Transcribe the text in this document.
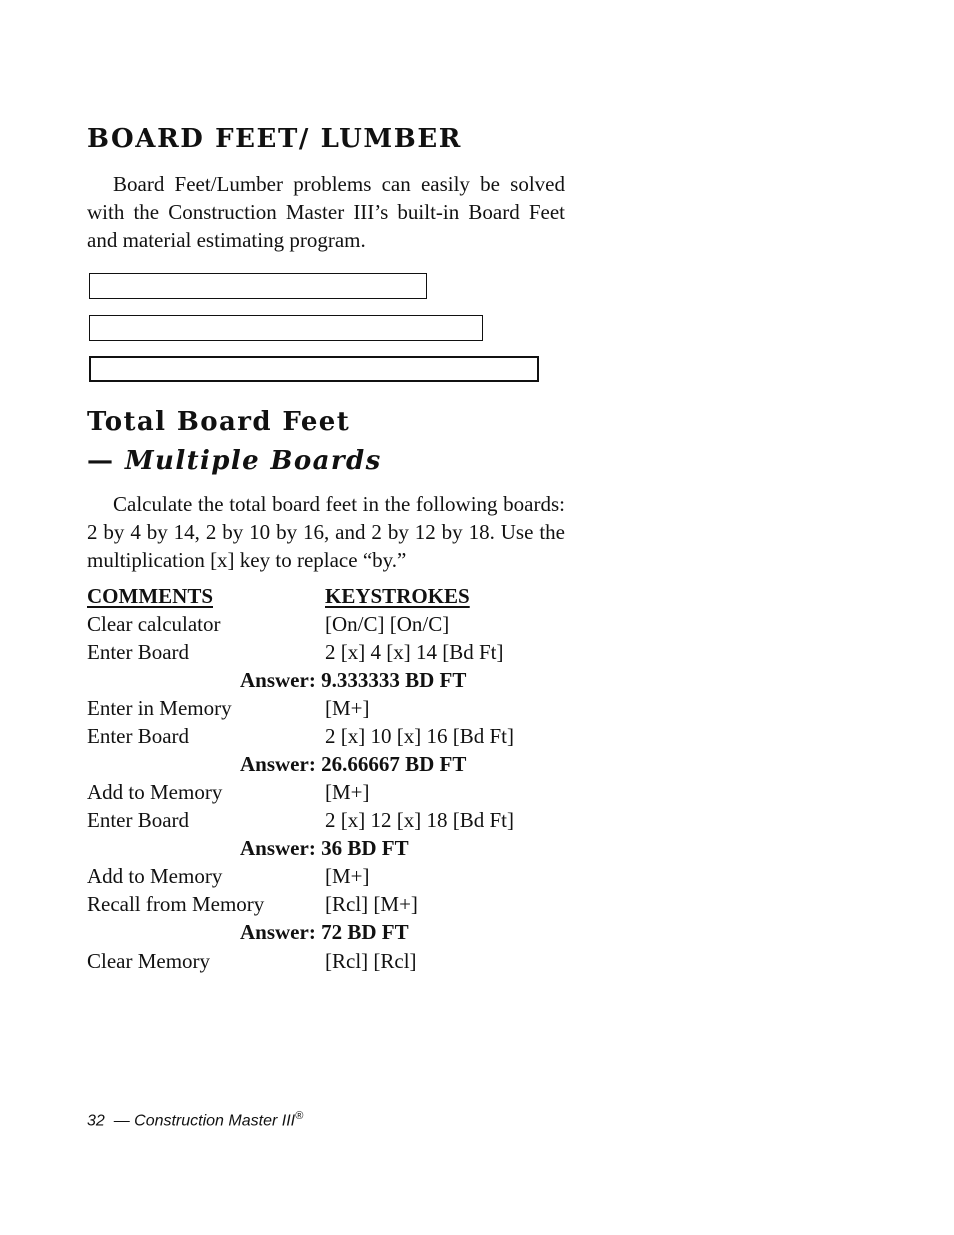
BOARD FEET/ LUMBER

Board Feet/Lumber problems can easily be solved with the Construction Master III’s built-in Board Feet and material estimating program.

Total Board Feet
— Multiple Boards

Calculate the total board feet in the following boards: 2 by 4 by 14, 2 by 10 by 16, and 2 by 12 by 18. Use the multiplication [x] key to replace “by.”

COMMENTS	KEYSTROKES
Clear calculator	[On/C] [On/C]
Enter Board	2 [x] 4 [x] 14 [Bd Ft]
Answer: 9.333333 BD FT
Enter in Memory	[M+]
Enter Board	2 [x] 10 [x] 16 [Bd Ft]
Answer: 26.66667 BD FT
Add to Memory	[M+]
Enter Board	2 [x] 12 [x] 18 [Bd Ft]
Answer: 36 BD FT
Add to Memory	[M+]
Recall from Memory	[Rcl] [M+]
Answer: 72 BD FT
Clear Memory	[Rcl] [Rcl]
32 — Construction Master III®
